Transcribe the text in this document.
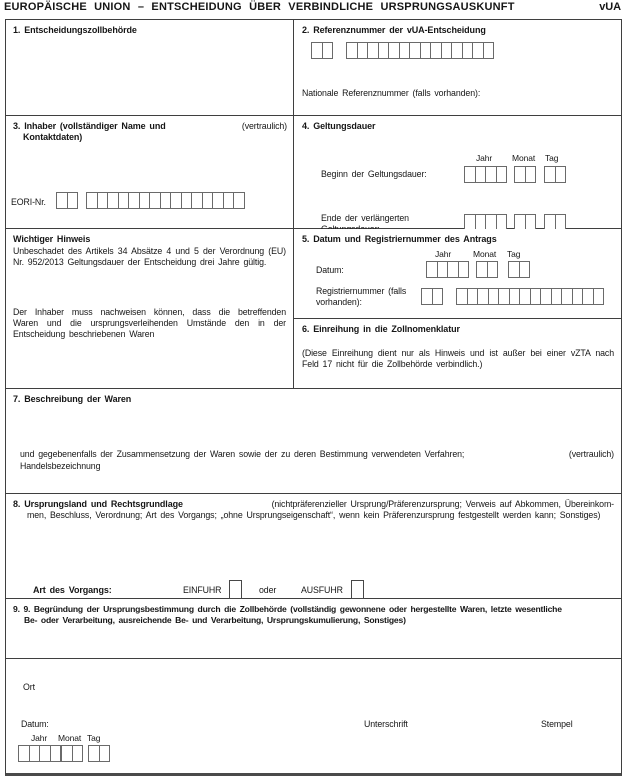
EUROPÄISCHE UNION – ENTSCHEIDUNG ÜBER VERBINDLICHE URSPRUNGSAUSKUNFT	vUA
1. Entscheidungszollbehörde	2. Referenznummer der vUA-Entscheidung
Nationale Referenznummer (falls vorhanden):
3. Inhaber (vollständiger Name und	(vertraulich)
Kontaktdaten)
EORI-Nr.
4. Geltungsdauer
Jahr Monat Tag
Beginn der Geltungsdauer:
Ende der verlängerten

Wichtiger Hinweis
Unbeschadet des Artikels 34 Absätze 4 und 5 der Verordnung (EU) Nr. 952/2013 Geltungsdauer der Entscheidung drei Jahre gültig.
Der Inhaber muss nachweisen können, dass die betreffenden Waren und die ursprungsverleihenden Umstände den in der Entscheidung beschriebenen Waren
5. Datum und Registriernummer des Antrags
Jahr	Monat Tag
Datum:
Registriernummer (falls
vorhanden):
6. Einreihung in die Zollnomenklatur
(Diese Einreihung dient nur als Hinweis und ist außer bei einer vZTA nach Feld 17 nicht für die Zollbehörde verbindlich.)
7. Beschreibung der Waren
und gegebenenfalls der Zusammensetzung der Waren sowie der zu deren Bestimmung verwendeten Verfahren;	(vertraulich)
Handelsbezeichnung
8. Ursprungsland und Rechtsgrundlage	(nichtpräferenzieller Ursprung/Präferenzursprung; Verweis auf Abkommen, Übereinkom-
men, Beschluss, Verordnung; Art des Vorgangs; „ohne Ursprungseigenschaft“, wenn kein Präferenzursprung festgestellt werden kann; Sonstiges)
Art des Vorgangs:	EINFUHR	oder	AUSFUHR
9. 9. Begründung der Ursprungsbestimmung durch die Zollbehörde (vollständig gewonnene oder hergestellte Waren, letzte wesentliche
Be- oder Verarbeitung, ausreichende Be- und Verarbeitung, Ursprungskumulierung, Sonstiges)
Ort
Datum:
Jahr Monat Tag
Unterschrift	Stempel
